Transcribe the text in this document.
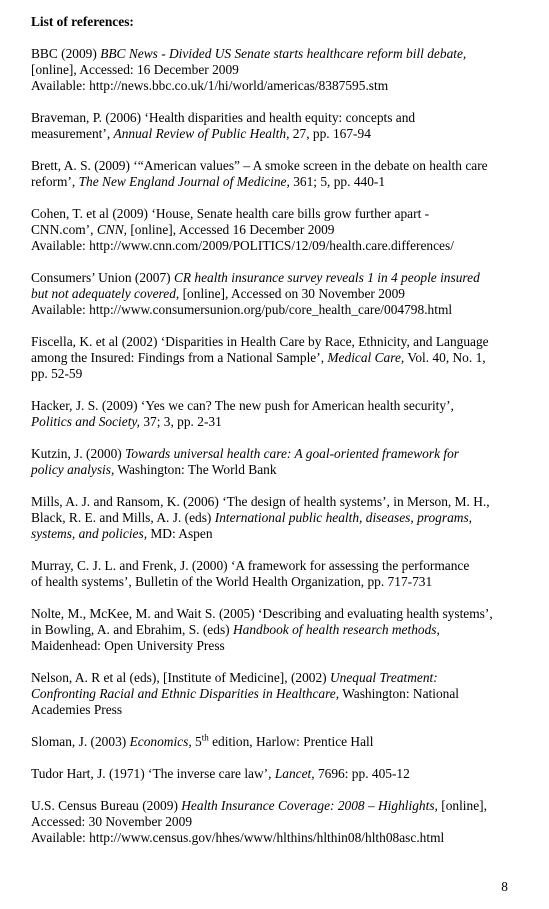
List of references:
BBC (2009) BBC News - Divided US Senate starts healthcare reform bill debate,
[online], Accessed: 16 December 2009
Available: http://news.bbc.co.uk/1/hi/world/americas/8387595.stm
Braveman, P. (2006) ‘Health disparities and health equity: concepts and
measurement’, Annual Review of Public Health, 27, pp. 167-94
Brett, A. S. (2009) ‘“American values” – A smoke screen in the debate on health care
reform’, The New England Journal of Medicine, 361; 5, pp. 440-1
Cohen, T. et al (2009) ‘House, Senate health care bills grow further apart -
CNN.com’, CNN, [online], Accessed 16 December 2009
Available: http://www.cnn.com/2009/POLITICS/12/09/health.care.differences/
Consumers’ Union (2007) CR health insurance survey reveals 1 in 4 people insured
but not adequately covered, [online], Accessed on 30 November 2009
Available: http://www.consumersunion.org/pub/core_health_care/004798.html
Fiscella, K. et al (2002) ‘Disparities in Health Care by Race, Ethnicity, and Language
among the Insured: Findings from a National Sample’, Medical Care, Vol. 40, No. 1,
pp. 52-59
Hacker, J. S. (2009) ‘Yes we can? The new push for American health security’,
Politics and Society, 37; 3, pp. 2-31
Kutzin, J. (2000) Towards universal health care: A goal-oriented framework for
policy analysis, Washington: The World Bank
Mills, A. J. and Ransom, K. (2006) ‘The design of health systems’, in Merson, M. H.,
Black, R. E. and Mills, A. J. (eds) International public health, diseases, programs,
systems, and policies, MD: Aspen
Murray, C. J. L. and Frenk, J. (2000) ‘A framework for assessing the performance
of health systems’, Bulletin of the World Health Organization, pp. 717-731
Nolte, M., McKee, M. and Wait S. (2005) ‘Describing and evaluating health systems’,
in Bowling, A. and Ebrahim, S. (eds) Handbook of health research methods,
Maidenhead: Open University Press
Nelson, A. R et al (eds), [Institute of Medicine], (2002) Unequal Treatment:
Confronting Racial and Ethnic Disparities in Healthcare, Washington: National
Academies Press
Sloman, J. (2003) Economics, 5th edition, Harlow: Prentice Hall
Tudor Hart, J. (1971) ‘The inverse care law’, Lancet, 7696: pp. 405-12
U.S. Census Bureau (2009) Health Insurance Coverage: 2008 – Highlights, [online],
Accessed: 30 November 2009
Available: http://www.census.gov/hhes/www/hlthins/hlthin08/hlth08asc.html
8
